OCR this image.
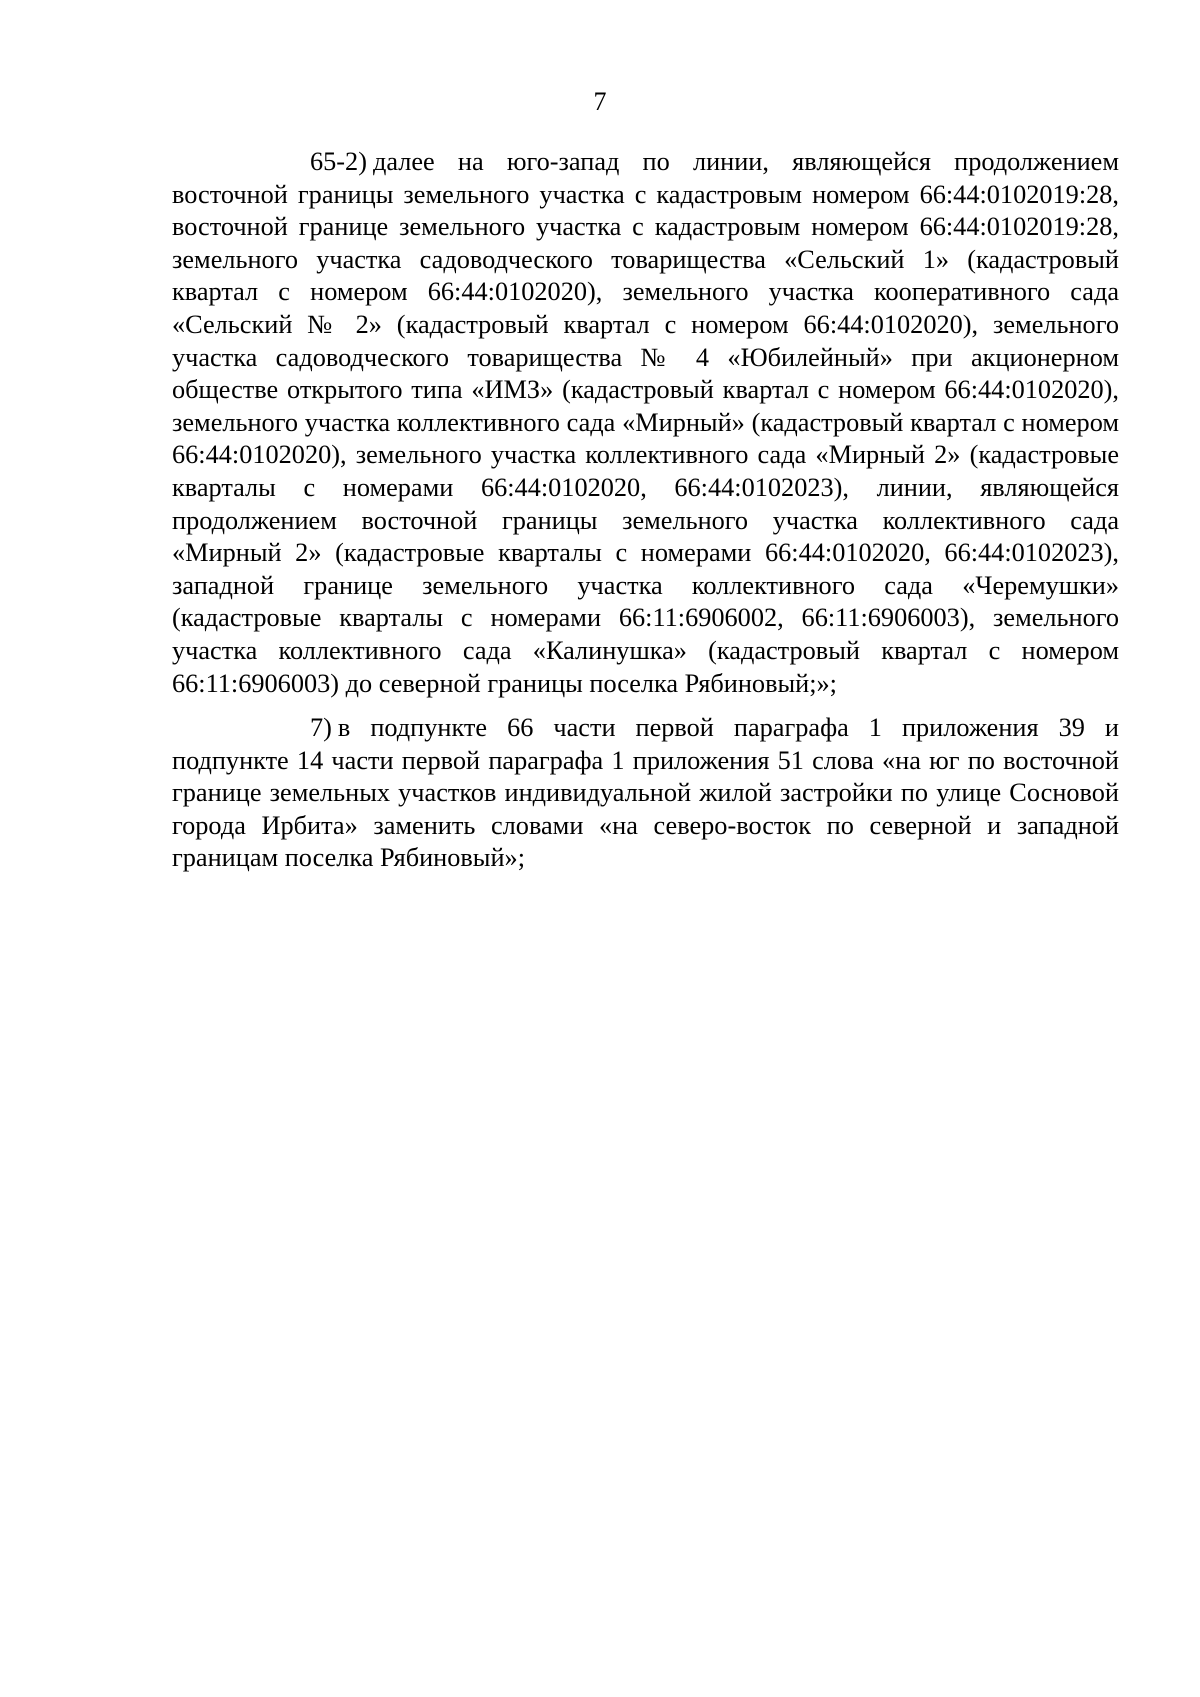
7

65-2) далее на юго-запад по линии, являющейся продолжением восточной границы земельного участка с кадастровым номером 66:44:0102019:28, восточной границе земельного участка с кадастровым номером 66:44:0102019:28, земельного участка садоводческого товарищества «Сельский 1» (кадастровый квартал с номером 66:44:0102020), земельного участка кооперативного сада «Сельский № 2» (кадастровый квартал с номером 66:44:0102020), земельного участка садоводческого товарищества № 4 «Юбилейный» при акционерном обществе открытого типа «ИМЗ» (кадастровый квартал с номером 66:44:0102020), земельного участка коллективного сада «Мирный» (кадастровый квартал с номером 66:44:0102020), земельного участка коллективного сада «Мирный 2» (кадастровые кварталы с номерами 66:44:0102020, 66:44:0102023), линии, являющейся продолжением восточной границы земельного участка коллективного сада «Мирный 2» (кадастровые кварталы с номерами 66:44:0102020, 66:44:0102023), западной границе земельного участка коллективного сада «Черемушки» (кадастровые кварталы с номерами 66:11:6906002, 66:11:6906003), земельного участка коллективного сада «Калинушка» (кадастровый квартал с номером 66:11:6906003) до северной границы поселка Рябиновый;»;

7) в подпункте 66 части первой параграфа 1 приложения 39 и подпункте 14 части первой параграфа 1 приложения 51 слова «на юг по восточной границе земельных участков индивидуальной жилой застройки по улице Сосновой города Ирбита» заменить словами «на северо-восток по северной и западной границам поселка Рябиновый»;
